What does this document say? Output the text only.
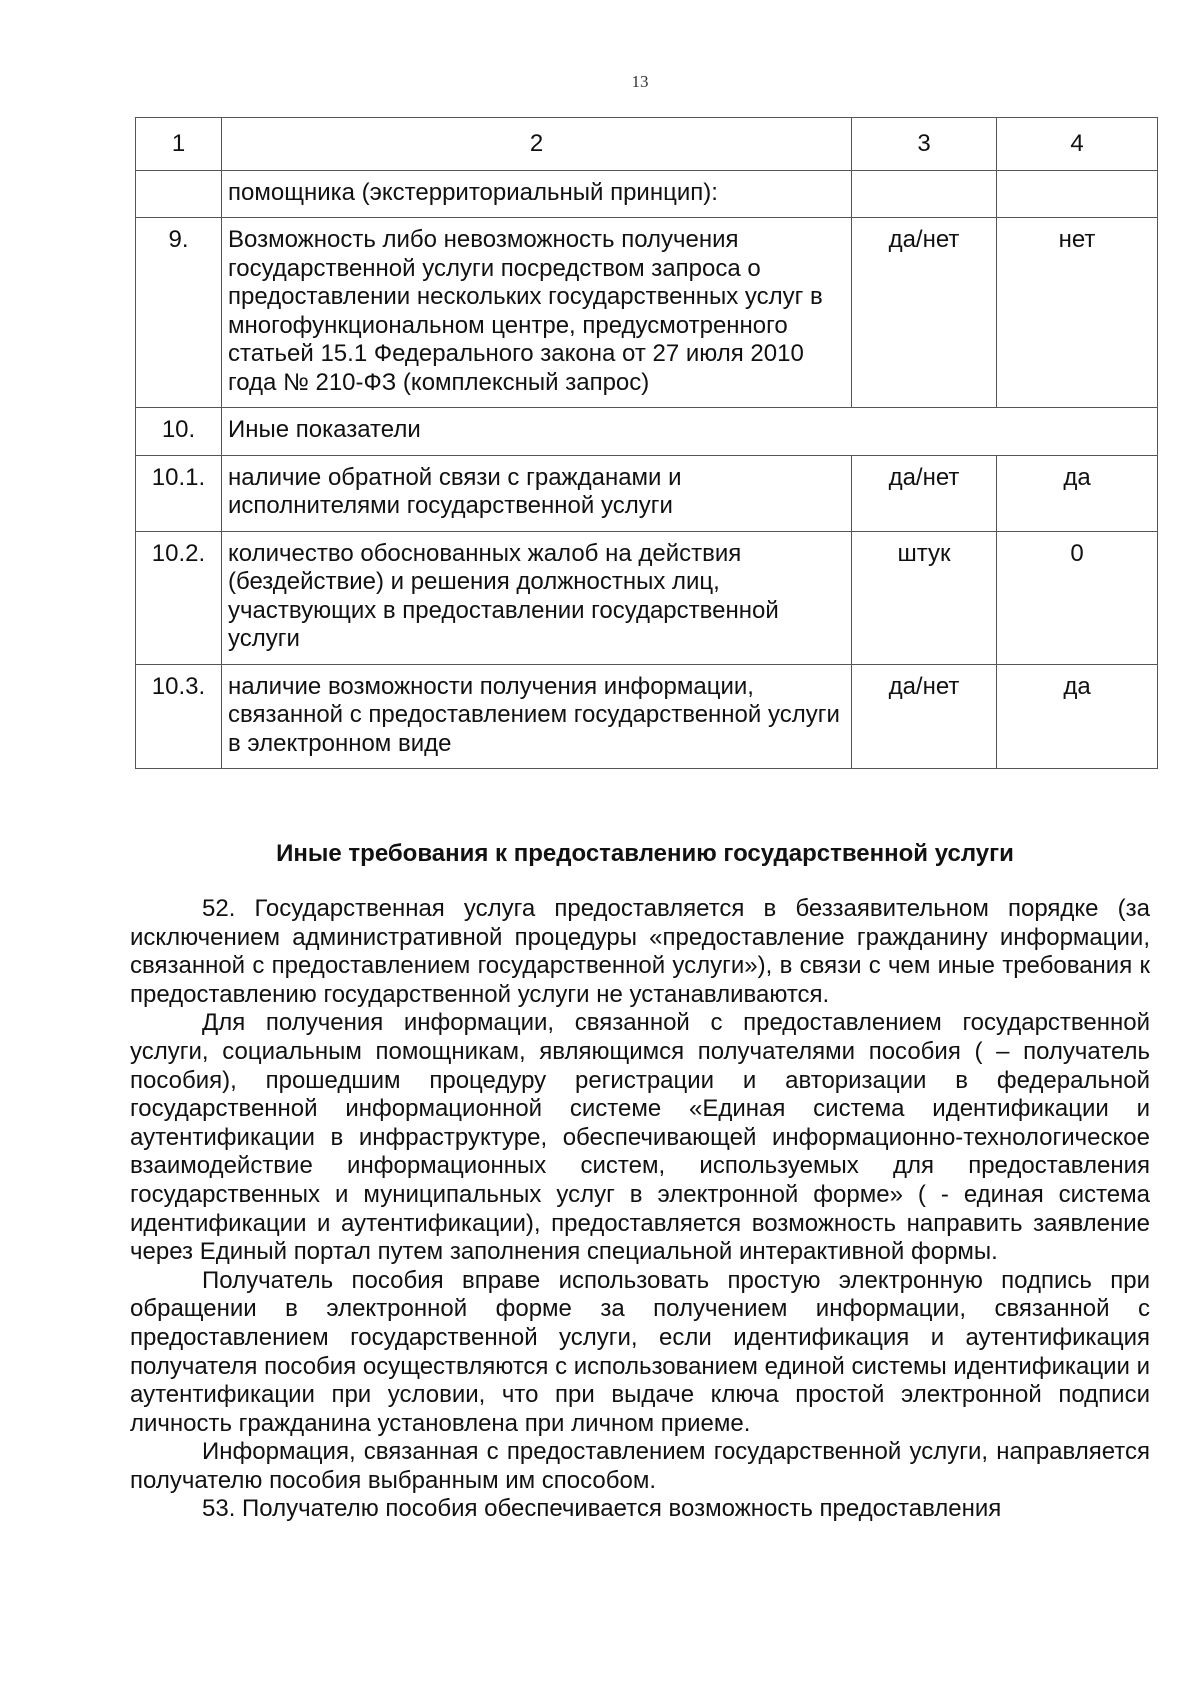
13
1	2	3	4
	помощника (экстерриториальный принцип):		
9.	Возможность либо невозможность получения государственной услуги посредством запроса о предоставлении нескольких государственных услуг в многофункциональном центре, предусмотренного статьей 15.1 Федерального закона от 27 июля 2010 года № 210-ФЗ (комплексный запрос)	да/нет	нет
10.	Иные показатели		
10.1.	наличие обратной связи с гражданами и исполнителями государственной услуги	да/нет	да
10.2.	количество обоснованных жалоб на действия (бездействие) и решения должностных лиц, участвующих в предоставлении государственной услуги	штук	0
10.3.	наличие возможности получения информации, связанной с предоставлением государственной услуги в электронном виде	да/нет	да
Иные требования к предоставлению государственной услуги

52. Государственная услуга предоставляется в беззаявительном порядке (за исключением административной процедуры «предоставление гражданину информации, связанной с предоставлением государственной услуги»), в связи с чем иные требования к предоставлению государственной услуги не устанавливаются.

Для получения информации, связанной с предоставлением государственной услуги, социальным помощникам, являющимся получателями пособия ( – получатель пособия), прошедшим процедуру регистрации и авторизации в федеральной государственной информационной системе «Единая система идентификации и аутентификации в инфраструктуре, обеспечивающей информационно-технологическое взаимодействие информационных систем, используемых для предоставления государственных и муниципальных услуг в электронной форме» ( - единая система идентификации и аутентификации), предоставляется возможность направить заявление через Единый портал путем заполнения специальной интерактивной формы.

Получатель пособия вправе использовать простую электронную подпись при обращении в электронной форме за получением информации, связанной с предоставлением государственной услуги, если идентификация и аутентификация получателя пособия осуществляются с использованием единой системы идентификации и аутентификации при условии, что при выдаче ключа простой электронной подписи личность гражданина установлена при личном приеме.

Информация, связанная с предоставлением государственной услуги, направляется получателю пособия выбранным им способом.

53. Получателю пособия обеспечивается возможность предоставления
